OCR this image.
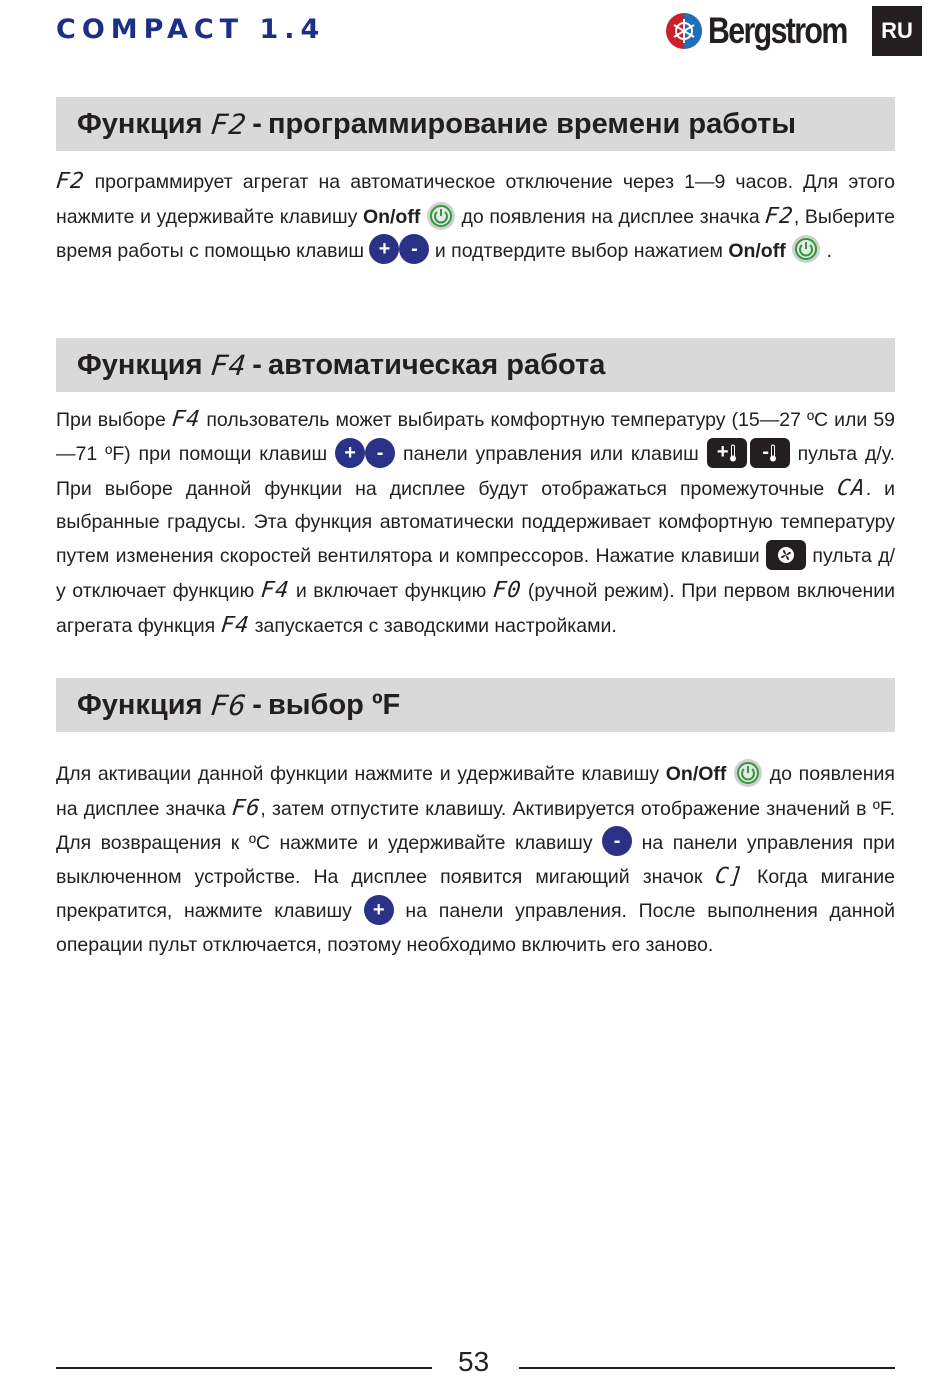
COMPACT 1.4	Bergstrom	RU
Функция
F2 - программирование времени работы
F2 программирует агрегат на автоматическое отключение через 1—9 часов. Для этого нажмите и удерживайте клавишу On/off до появления на дисплее значка F2, Выберите время работы с помощью клавиш + - и подтвердите выбор нажатием On/off .
Функция
F4 - автоматическая работа
При выборе F4 пользователь может выбирать комфортную температуру (15—27 ºC или 59—71 ºF) при помощи клавиш + - панели управления или клавиш + - пульта д/у. При выборе данной функции на дисплее будут отображаться промежуточные CA. и выбранные градусы. Эта функция автоматически поддерживает комфортную температуру путем изменения скоростей вентилятора и компрессоров. Нажатие клавиши	пульта д/у отключает функцию F4 и включает функцию F0 (ручной режим). При первом включении агрегата функция F4 запускается с заводскими настройками.
Функция
F6 - выбор ºF
Для активации данной функции нажмите и удерживайте клавишу On/Off до появления на дисплее значка F6, затем отпустите клавишу. Активируется отображение значений в ºF. Для возвращения к ºC нажмите и удерживайте клавишу - на панели управления при выключенном устройстве. На дисплее появится мигающий значок C] Когда мигание прекратится, нажмите клавишу + на панели управления. После выполнения данной операции пульт отключается, поэтому необходимо включить его заново.
53
